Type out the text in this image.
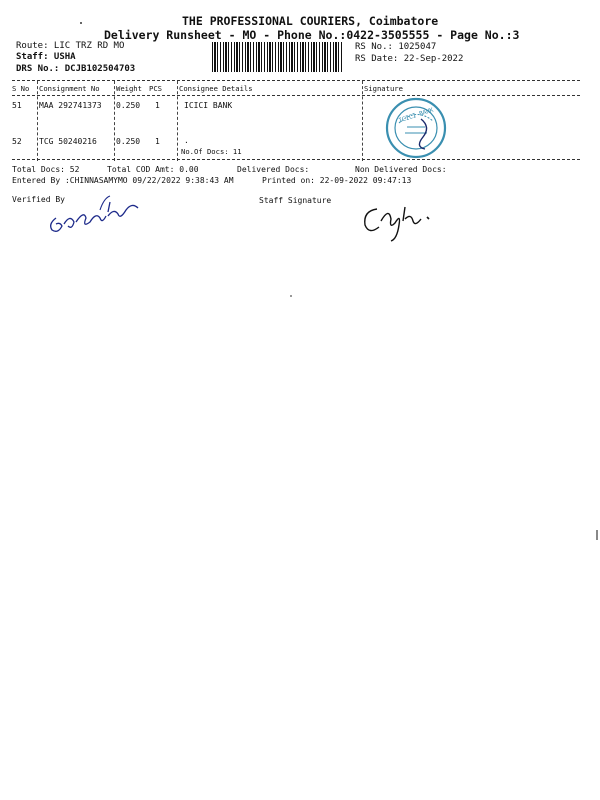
THE PROFESSIONAL COURIERS, Coimbatore
Delivery Runsheet - MO - Phone No.:0422-3505555 - Page No.:3
Route: LIC TRZ RD MO
Staff: USHA
DRS No.: DCJB102504703
RS No.: 1025047
RS Date: 22-Sep-2022
S No Consignment No Weight PCS Consignee Details	Signature
51 MAA 292741373 0.250 1	ICICI BANK
52 TCG 50240216 0.250 1	.
No.Of Docs: 11
ICICI BANK
Total Docs: 52	Total COD Amt: 0.00	Delivered Docs:	Non Delivered Docs:
Entered By :CHINNASAMYMO 09/22/2022 9:38:43 AM	Printed on: 22-09-2022 09:47:13
Verified By	Staff Signature
